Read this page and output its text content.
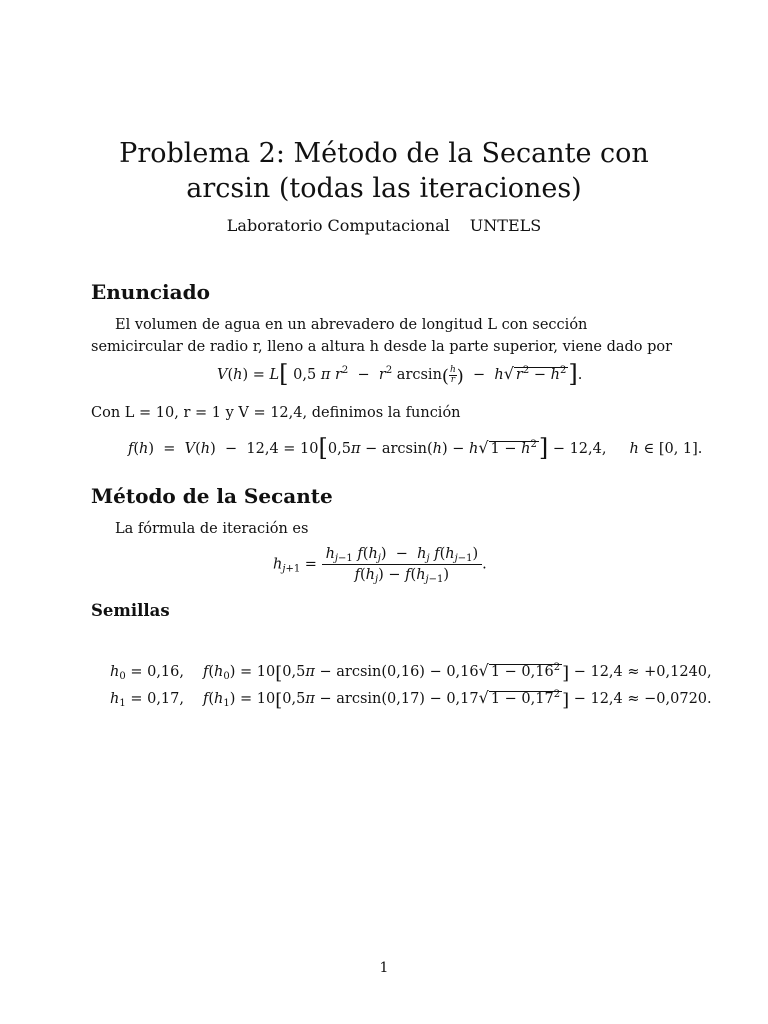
Problema 2: Método de la Secante con arcsin (todas las iteraciones)
Laboratorio Computacional UNTELS
Enunciado

El volumen de agua en un abrevadero de longitud L con sección semicircular de radio r, lleno a altura h desde la parte superior, viene dado por

V(h) = L[ 0,5 π $r^2 - r^2$ $\arcsin( \frac{h}{r}$ )  −  h√ $r^2 - h^2$].

Con L = 10, r = 1 y V = 12,4, definimos la función

f(h)  =  V(h)  −  12,4 = 10[0,5π − arcsin(h) − h√ $1 - h^2] - 12,4$,     h ∈ [0, 1].
Método de la Secante

La fórmula de iteración es

$h_{j+1} = \frac{h_{j-1} f(h_j) - h_j f(h_{j-1})}{f(h_j) - f(h_{j-1})}$ .
Semillas
$h_0 = 0,16$, $f(h_0) = 10[0,5\pi - \arcsin(0,16) - 0,16√$ $1 - 0,16^2$ ] − 12,4 ≈ +0,1240,
$h_1 = 0,17$, $f(h_1) = 10[0,5\pi - \arcsin(0,17) - 0,17√$ $1 - 0,17^2$ ] − 12,4 ≈ −0,0720.
1
